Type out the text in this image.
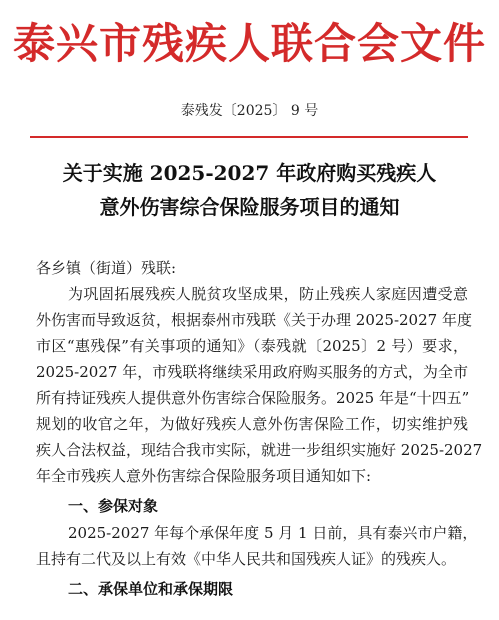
泰兴市残疾人联合会文件
泰残发〔2025〕 9 号
关于实施 2025-2027 年政府购买残疾人
意外伤害综合保险服务项目的通知
各乡镇（街道）残联:
为巩固拓展残疾人脱贫攻坚成果，防止残疾人家庭因遭受意
外伤害而导致返贫，根据泰州市残联《关于办理 2025-2027 年度
市区“惠残保”有关事项的通知》（泰残就〔2025〕2 号）要求，
2025-2027 年，市残联将继续采用政府购买服务的方式，为全市
所有持证残疾人提供意外伤害综合保险服务。2025 年是“十四五”
规划的收官之年，为做好残疾人意外伤害保险工作，切实维护残
疾人合法权益，现结合我市实际，就进一步组织实施好 2025-2027
年全市残疾人意外伤害综合保险服务项目通知如下:
一、参保对象
2025-2027 年每个承保年度 5 月 1 日前，具有泰兴市户籍，
且持有二代及以上有效《中华人民共和国残疾人证》的残疾人。
二、承保单位和承保期限
